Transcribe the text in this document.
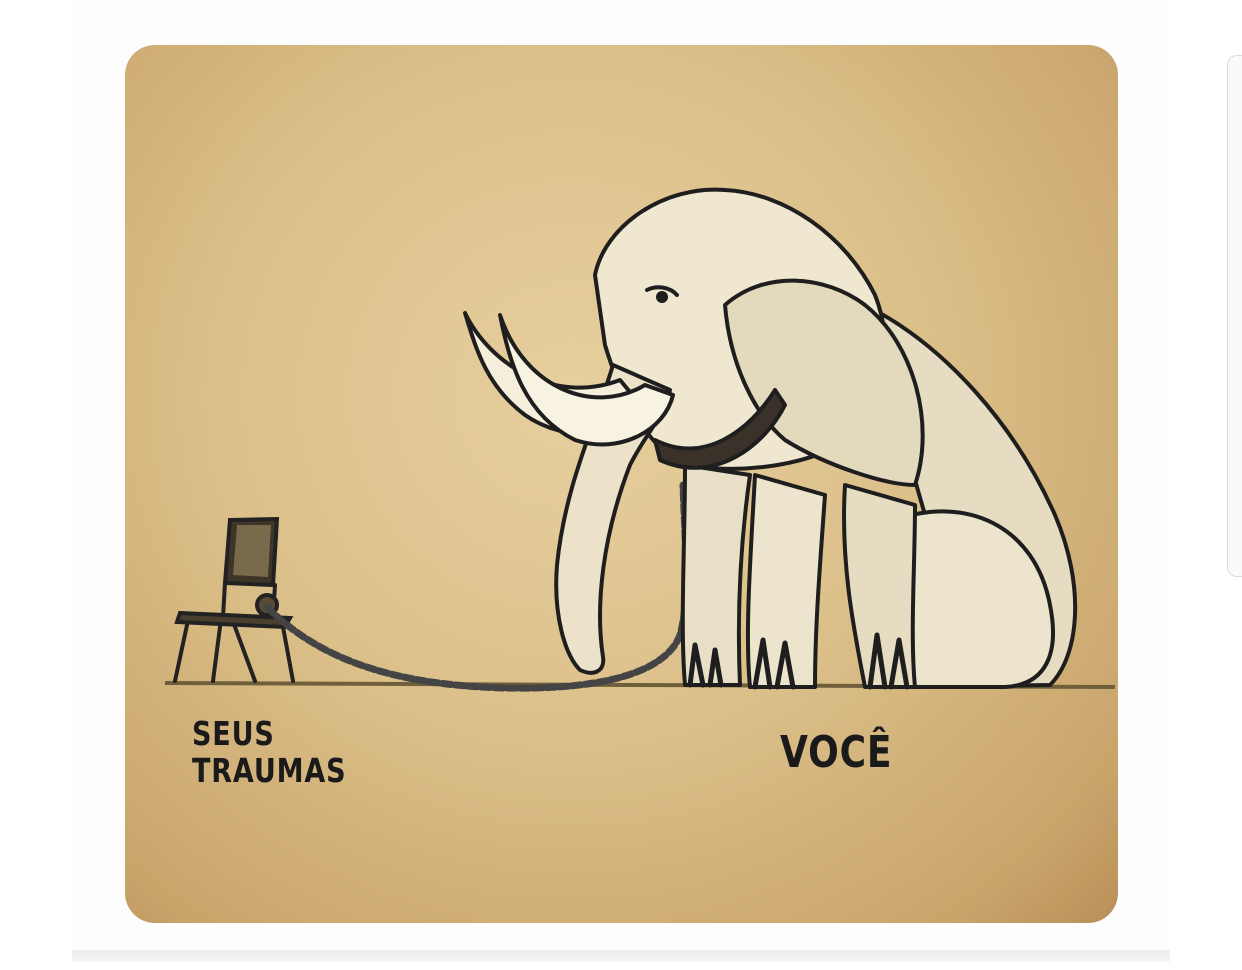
SEUS
TRAUMAS	VOCÊ
